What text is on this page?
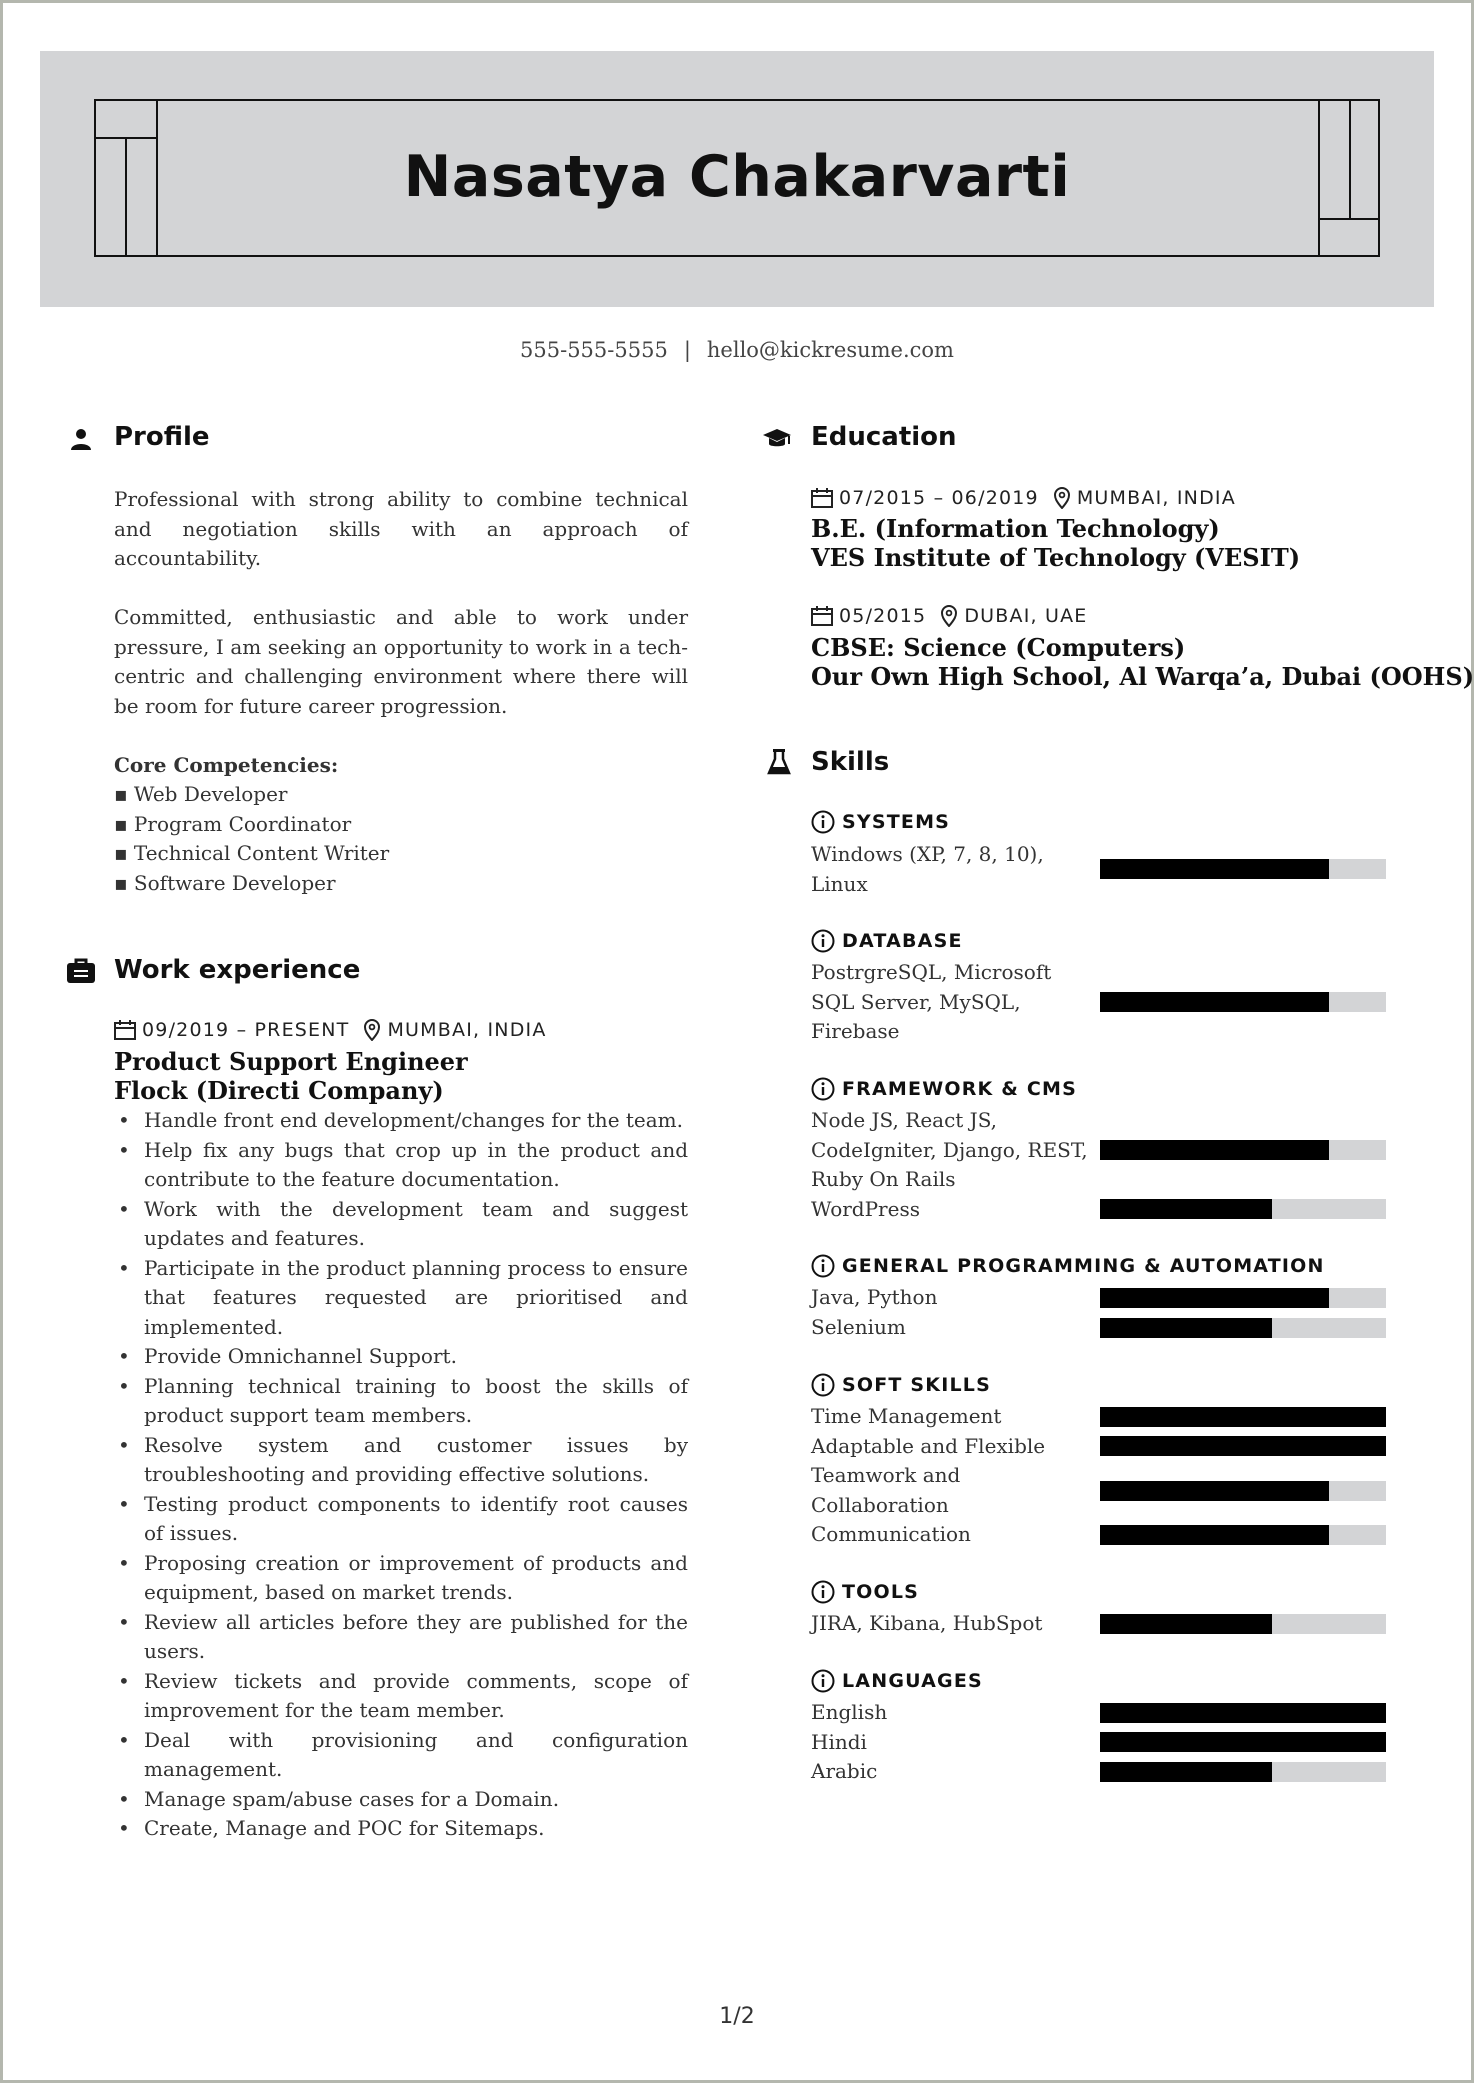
Nasatya Chakarvarti
555-555-5555 | hello@kickresume.com
Profile
Professional with strong ability to combine technical and negotiation skills with an approach of accountability.
Committed, enthusiastic and able to work under pressure, I am seeking an opportunity to work in a tech-centric and challenging environment where there will be room for future career progression.
Core Competencies:
▪ Web Developer
▪ Program Coordinator
▪ Technical Content Writer
▪ Software Developer
Work experience
09/2019 – PRESENT MUMBAI, INDIA
Product Support Engineer
Flock (Directi Company)
• Handle front end development/changes for the team.
• Help fix any bugs that crop up in the product and contribute to the feature documentation.
• Work with the development team and suggest updates and features.
• Participate in the product planning process to ensure that features requested are prioritised and implemented.
• Provide Omnichannel Support.
• Planning technical training to boost the skills of product support team members.
• Resolve system and customer issues by troubleshooting and providing effective solutions.
• Testing product components to identify root causes of issues.
• Proposing creation or improvement of products and equipment, based on market trends.
• Review all articles before they are published for the users.
• Review tickets and provide comments, scope of improvement for the team member.
• Deal with provisioning and configuration management.
• Manage spam/abuse cases for a Domain.
• Create, Manage and POC for Sitemaps.
Education
07/2015 – 06/2019 MUMBAI, INDIA
B.E. (Information Technology)
VES Institute of Technology (VESIT)
05/2015 DUBAI, UAE
CBSE: Science (Computers)
Our Own High School, Al Warqa’a, Dubai (OOHS)
Skills
SYSTEMS
Windows (XP, 7, 8, 10), Linux
DATABASE
PostrgreSQL, Microsoft SQL Server, MySQL, Firebase
FRAMEWORK & CMS
Node JS, React JS, CodeIgniter, Django, REST, Ruby On Rails
WordPress
GENERAL PROGRAMMING & AUTOMATION
Java, Python
Selenium
SOFT SKILLS
Time Management
Adaptable and Flexible
Teamwork and Collaboration
Communication
TOOLS
JIRA, Kibana, HubSpot
LANGUAGES
English
Hindi
Arabic
1/2
